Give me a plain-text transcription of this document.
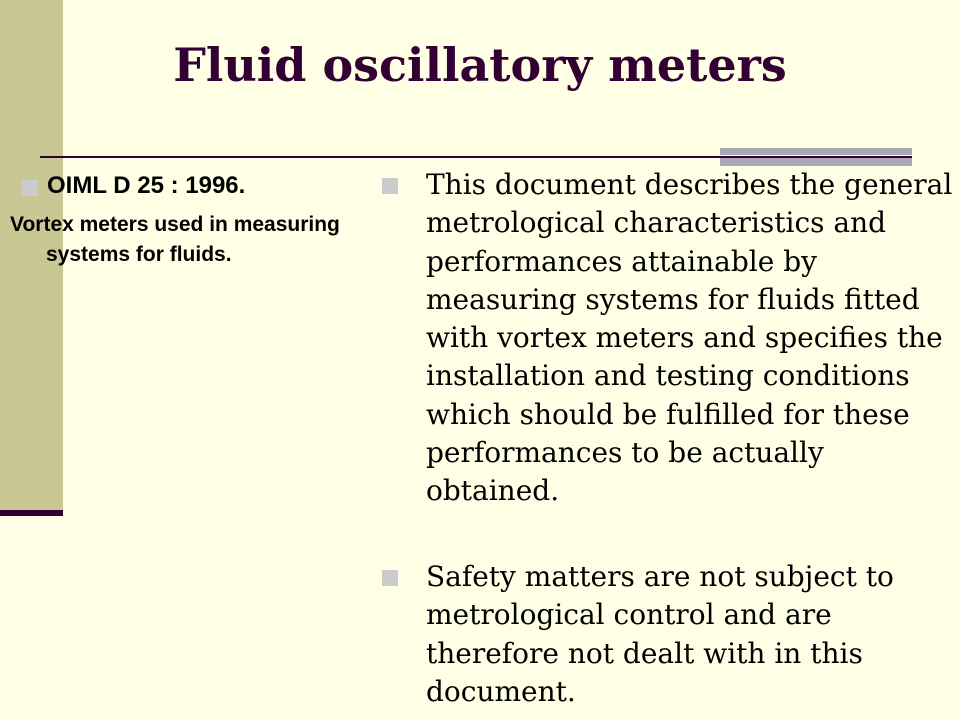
Fluid oscillatory meters
OIML D 25 : 1996.

Vortex meters used in measuring systems for fluids.

This document describes the general metrological characteristics and performances attainable by measuring systems for fluids fitted with vortex meters and specifies the installation and testing conditions which should be fulfilled for these performances to be actually obtained.

Safety matters are not subject to metrological control and are therefore not dealt with in this document.
